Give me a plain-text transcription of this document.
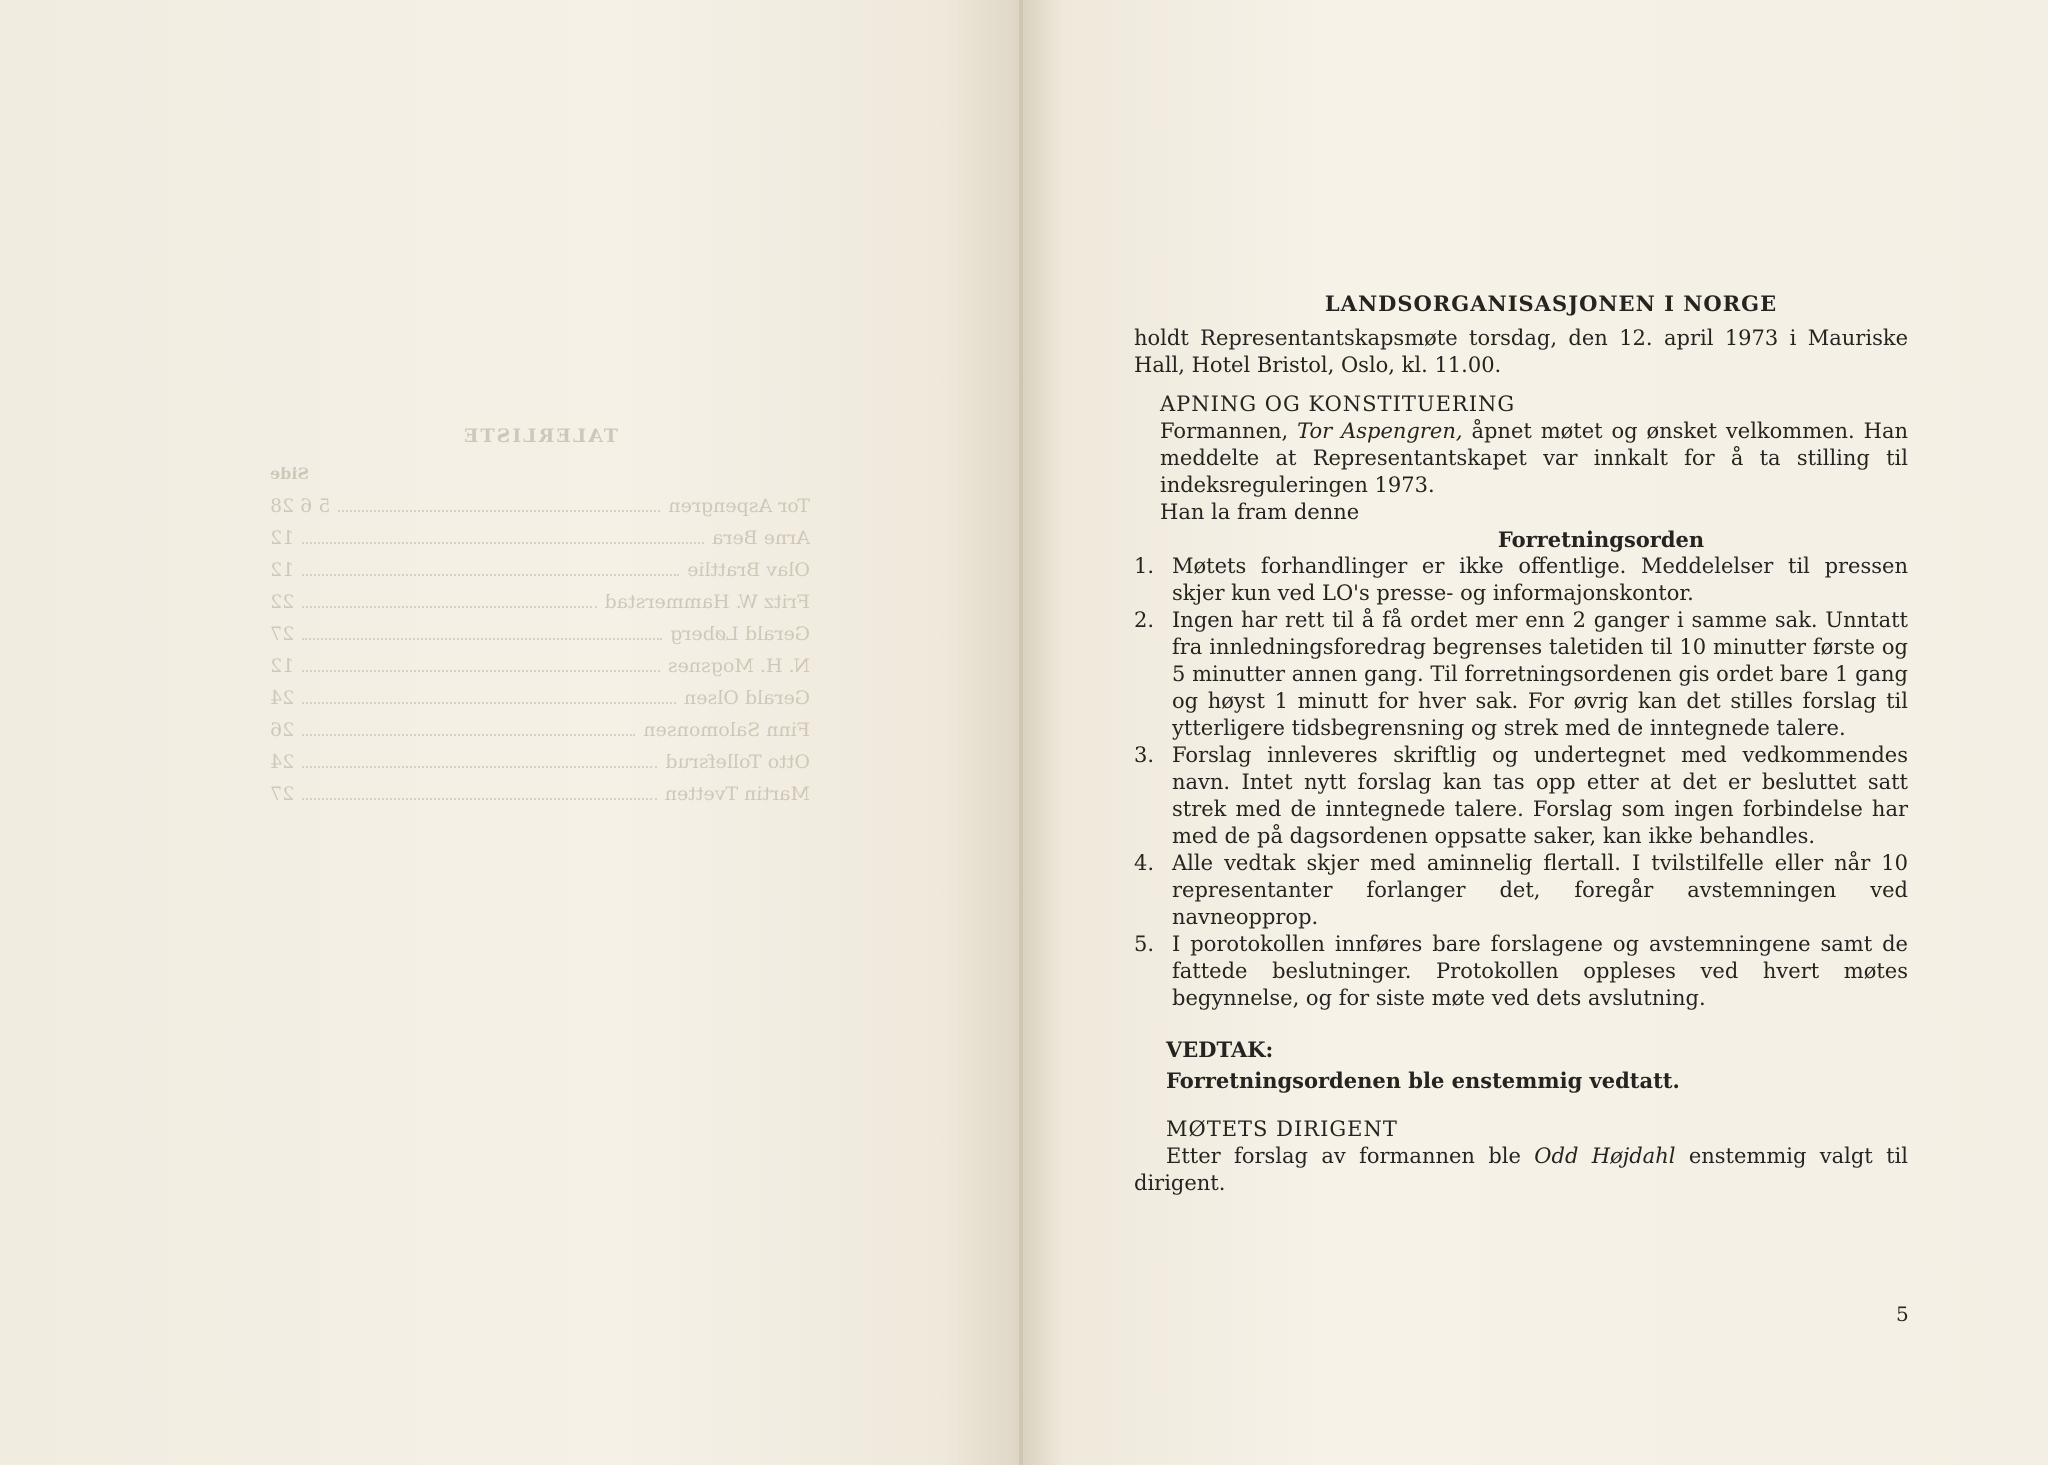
TALERLISTE
Side
Tor Aspengren
5 6 28
Arne Bera
12
Olav Brattlie
12
Fritz W. Hammerstad
22
Gerald Løberg
27
N. H. Mogsnes
12
Gerald Olsen
24
Finn Salomonsen
26
Otto Tollefsrud
24
Martin Tvetten
27
LANDSORGANISASJONEN I NORGE
holdt Representantskapsmøte torsdag, den 12. april 1973 i Mauriske Hall, Hotel Bristol, Oslo, kl. 11.00.
APNING OG KONSTITUERING
Formannen, Tor Aspengren, åpnet møtet og ønsket velkommen. Han meddelte at Representantskapet var innkalt for å ta stilling til indeksreguleringen 1973.
Han la fram denne
Forretningsorden
1. Møtets forhandlinger er ikke offentlige. Meddelelser til pressen skjer kun ved LO's presse- og informajonskontor.
2. Ingen har rett til å få ordet mer enn 2 ganger i samme sak. Unntatt fra innledningsforedrag begrenses taletiden til 10 minutter første og 5 minutter annen gang. Til forretningsordenen gis ordet bare 1 gang og høyst 1 minutt for hver sak. For øvrig kan det stilles forslag til ytterligere tidsbegrensning og strek med de inntegnede talere.
3. Forslag innleveres skriftlig og undertegnet med vedkommendes navn. Intet nytt forslag kan tas opp etter at det er besluttet satt strek med de inntegnede talere. Forslag som ingen forbindelse har med de på dagsordenen oppsatte saker, kan ikke behandles.
4. Alle vedtak skjer med aminnelig flertall. I tvilstilfelle eller når 10 representanter forlanger det, foregår avstemningen ved navneopprop.
5. I porotokollen innføres bare forslagene og avstemningene samt de fattede beslutninger. Protokollen oppleses ved hvert møtes begynnelse, og for siste møte ved dets avslutning.
VEDTAK:
Forretningsordenen ble enstemmig vedtatt.
MØTETS DIRIGENT
Etter forslag av formannen ble Odd Højdahl enstemmig valgt til dirigent.
5
